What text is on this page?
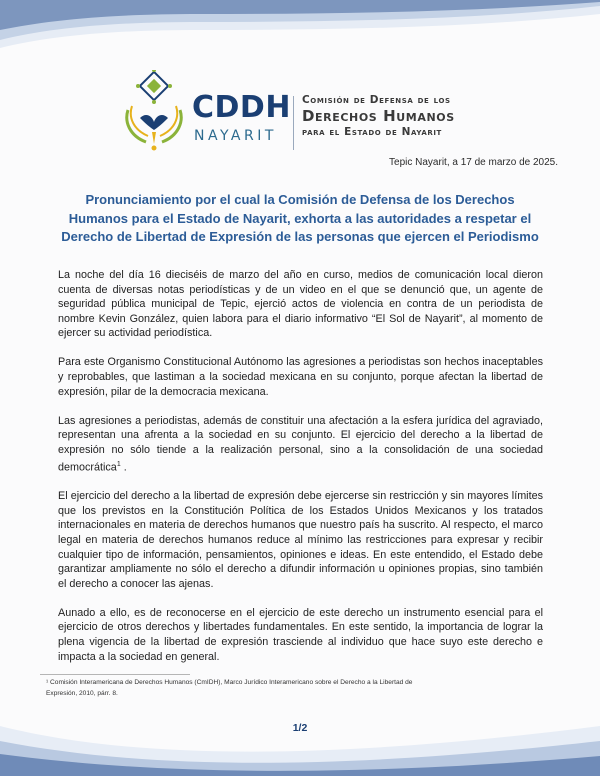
CDDH
NAYARIT
Comisión de Defensa de los
Derechos Humanos
para el Estado de Nayarit
Tepic Nayarit, a 17 de marzo de 2025.
Pronunciamiento por el cual la Comisión de Defensa de los Derechos Humanos para el Estado de Nayarit, exhorta a las autoridades a respetar el Derecho de Libertad de Expresión de las personas que ejercen el Periodismo

La noche del día 16 dieciséis de marzo del año en curso, medios de comunicación local dieron cuenta de diversas notas periodísticas y de un video en el que se denunció que, un agente de seguridad pública municipal de Tepic, ejerció actos de violencia en contra de un periodista de nombre Kevin González, quien labora para el diario informativo “El Sol de Nayarit”, al momento de ejercer su actividad periodística.

Para este Organismo Constitucional Autónomo las agresiones a periodistas son hechos inaceptables y reprobables, que lastiman a la sociedad mexicana en su conjunto, porque afectan la libertad de expresión, pilar de la democracia mexicana.

Las agresiones a periodistas, además de constituir una afectación a la esfera jurídica del agraviado, representan una afrenta a la sociedad en su conjunto. El ejercicio del derecho a la libertad de expresión no sólo tiende a la realización personal, sino a la consolidación de una sociedad democrática$^1$ .

El ejercicio del derecho a la libertad de expresión debe ejercerse sin restricción y sin mayores límites que los previstos en la Constitución Política de los Estados Unidos Mexicanos y los tratados internacionales en materia de derechos humanos que nuestro país ha suscrito. Al respecto, el marco legal en materia de derechos humanos reduce al mínimo las restricciones para expresar y recibir cualquier tipo de información, pensamientos, opiniones e ideas. En este entendido, el Estado debe garantizar ampliamente no sólo el derecho a difundir información u opiniones propias, sino también el derecho a conocer las ajenas.

Aunado a ello, es de reconocerse en el ejercicio de este derecho un instrumento esencial para el ejercicio de otros derechos y libertades fundamentales. En este sentido, la importancia de lograr la plena vigencia de la libertad de expresión trasciende al individuo que hace suyo este derecho e impacta a la sociedad en general.

¹ Comisión Interamericana de Derechos Humanos (CmIDH), Marco Jurídico Interamericano sobre el Derecho a la Libertad de Expresión, 2010, párr. 8.
1/2
